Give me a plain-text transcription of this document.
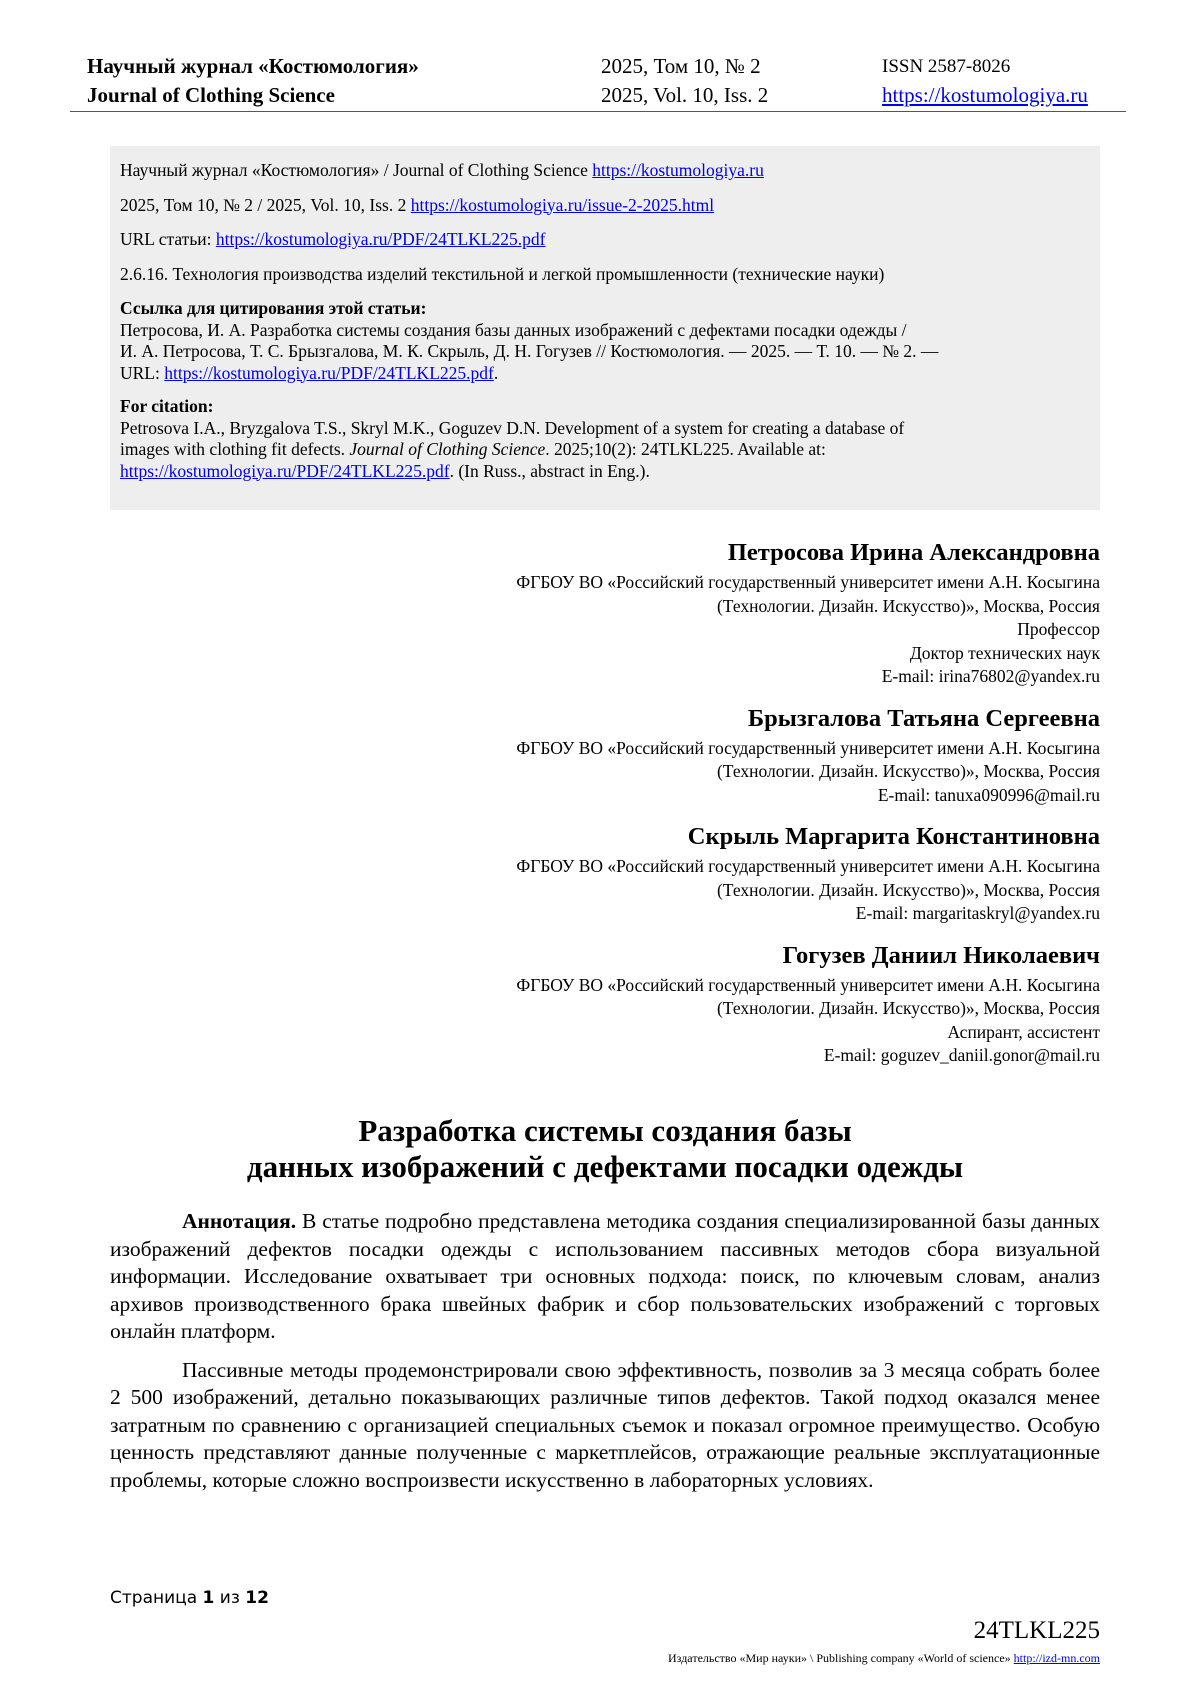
Научный журнал «Костюмология»
Journal of Clothing Science
2025, Том 10, № 2
2025, Vol. 10, Iss. 2
ISSN 2587-8026
https://kostumologiya.ru

Научный журнал «Костюмология» / Journal of Clothing Science https://kostumologiya.ru

2025, Том 10, № 2 / 2025, Vol. 10, Iss. 2 https://kostumologiya.ru/issue-2-2025.html

URL статьи: https://kostumologiya.ru/PDF/24TLKL225.pdf

2.6.16. Технология производства изделий текстильной и легкой промышленности (технические науки)

Ссылка для цитирования этой статьи:

Петросова, И. А. Разработка системы создания базы данных изображений с дефектами посадки одежды /

И. А. Петросова, Т. С. Брызгалова, М. К. Скрыль, Д. Н. Гогузев // Костюмология. — 2025. — Т. 10. — № 2. —

URL: https://kostumologiya.ru/PDF/24TLKL225.pdf.

For citation:

Petrosova I.A., Bryzgalova T.S., Skryl M.K., Goguzev D.N. Development of a system for creating a database of

images with clothing fit defects. Journal of Clothing Science. 2025;10(2): 24TLKL225. Available at:

https://kostumologiya.ru/PDF/24TLKL225.pdf. (In Russ., abstract in Eng.).

Петросова Ирина Александровна
ФГБОУ ВО «Российский государственный университет имени А.Н. Косыгина
(Технологии. Дизайн. Искусство)», Москва, Россия
Профессор
Доктор технических наук
E-mail: irina76802@yandex.ru
Брызгалова Татьяна Сергеевна
ФГБОУ ВО «Российский государственный университет имени А.Н. Косыгина
(Технологии. Дизайн. Искусство)», Москва, Россия
E-mail: tanuxa090996@mail.ru
Скрыль Маргарита Константиновна
ФГБОУ ВО «Российский государственный университет имени А.Н. Косыгина
(Технологии. Дизайн. Искусство)», Москва, Россия
E-mail: margaritaskryl@yandex.ru
Гогузев Даниил Николаевич
ФГБОУ ВО «Российский государственный университет имени А.Н. Косыгина
(Технологии. Дизайн. Искусство)», Москва, Россия
Аспирант, ассистент
E-mail: goguzev_daniil.gonor@mail.ru
Разработка системы создания базы
данных изображений с дефектами посадки одежды

Аннотация. В статье подробно представлена методика создания специализированной базы данных изображений дефектов посадки одежды с использованием пассивных методов сбора визуальной информации. Исследование охватывает три основных подхода: поиск, по ключевым словам, анализ архивов производственного брака швейных фабрик и сбор пользовательских изображений с торговых онлайн платформ.

Пассивные методы продемонстрировали свою эффективность, позволив за 3 месяца собрать более 2 500 изображений, детально показывающих различные типов дефектов. Такой подход оказался менее затратным по сравнению с организацией специальных съемок и показал огромное преимущество. Особую ценность представляют данные полученные с маркетплейсов, отражающие реальные эксплуатационные проблемы, которые сложно воспроизвести искусственно в лабораторных условиях.

Страница 1 из 12
24TLKL225
Издательство «Мир науки» \ Publishing company «World of science» http://izd-mn.com
